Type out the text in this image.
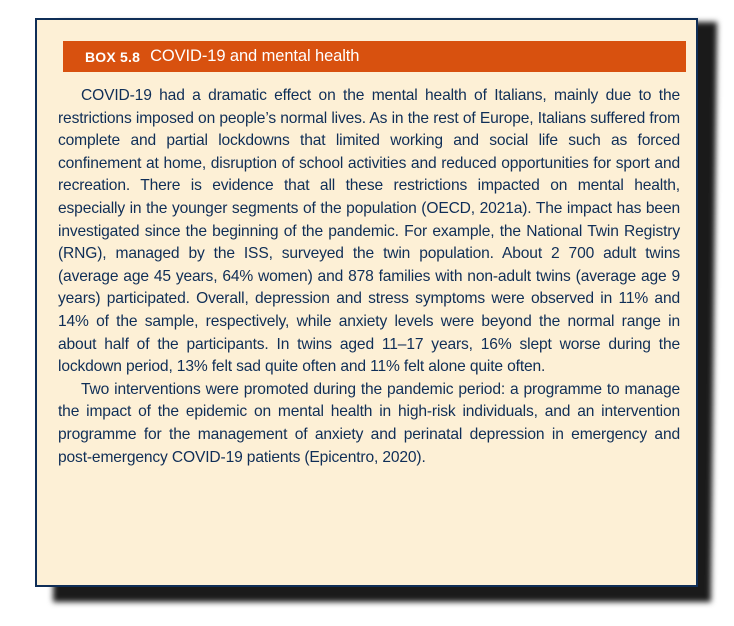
BOX 5.8 COVID-19 and mental health

COVID-19 had a dramatic effect on the mental health of Italians, mainly due to the restrictions imposed on people’s normal lives. As in the rest of Europe, Italians suffered from complete and partial lockdowns that limited working and social life such as forced confinement at home, disruption of school activities and reduced opportunities for sport and recreation. There is evidence that all these restrictions impacted on mental health, especially in the younger segments of the population (OECD, 2021a). The impact has been investigated since the beginning of the pandemic. For example, the National Twin Registry (RNG), managed by the ISS, surveyed the twin population. About 2 700 adult twins (average age 45 years, 64% women) and 878 families with non-adult twins (average age 9 years) participated. Overall, depression and stress symptoms were observed in 11% and 14% of the sample, respectively, while anxiety levels were beyond the normal range in about half of the participants. In twins aged 11–17 years, 16% slept worse during the lockdown period, 13% felt sad quite often and 11% felt alone quite often.

Two interventions were promoted during the pandemic period: a programme to manage the impact of the epidemic on mental health in high-risk individuals, and an intervention programme for the management of anxiety and perinatal depression in emergency and post-emergency COVID-19 patients (Epicentro, 2020).
